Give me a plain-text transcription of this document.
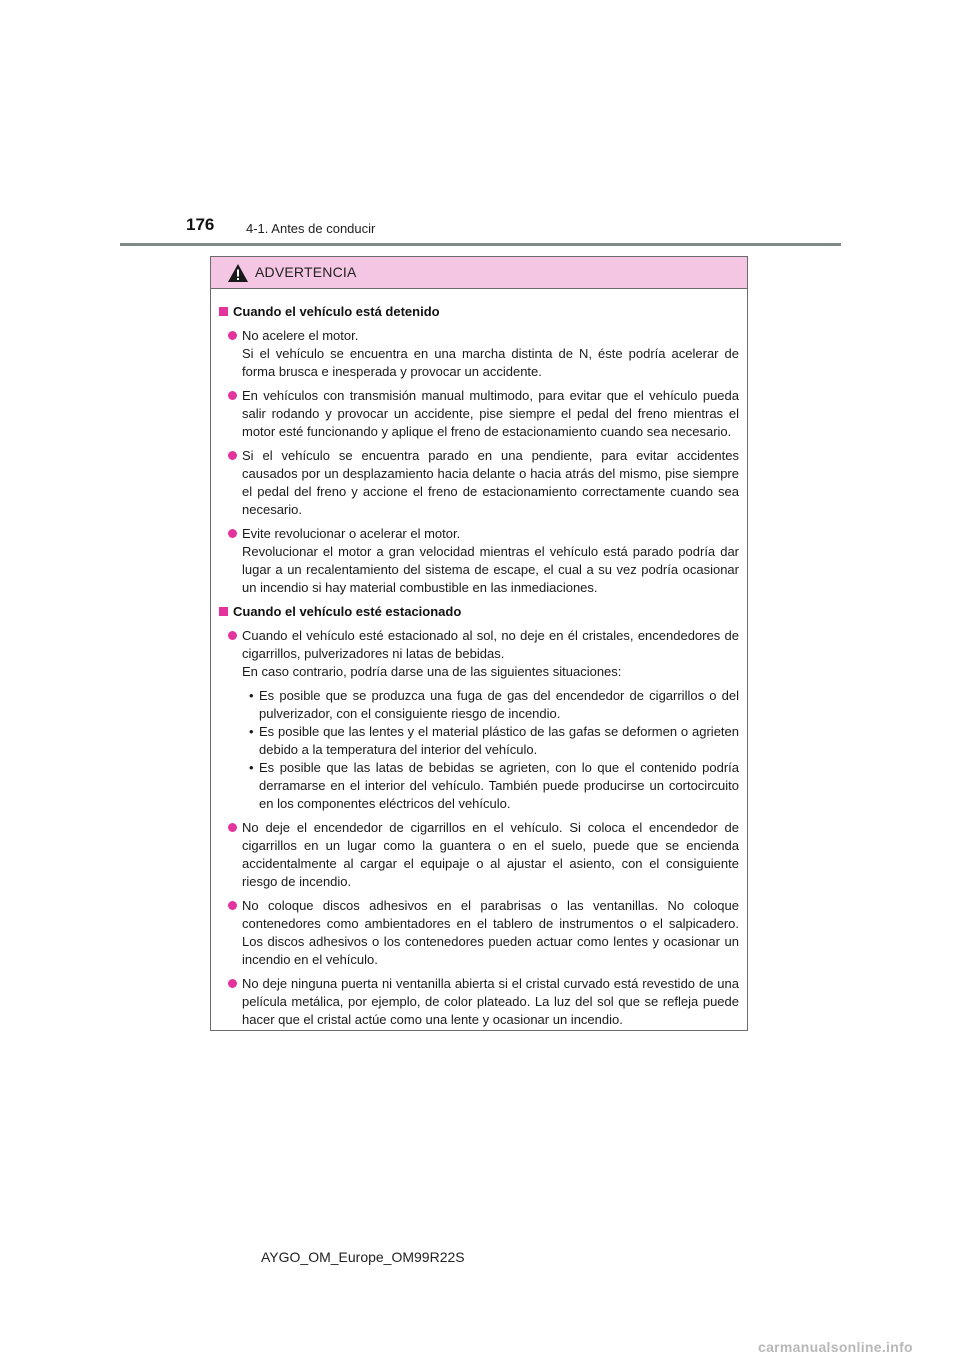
176 4-1. Antes de conducir
ADVERTENCIA
Cuando el vehículo está detenido
No acelere el motor.
Si el vehículo se encuentra en una marcha distinta de N, éste podría acelerar de forma brusca e inesperada y provocar un accidente.
En vehículos con transmisión manual multimodo, para evitar que el vehículo pueda salir rodando y provocar un accidente, pise siempre el pedal del freno mientras el motor esté funcionando y aplique el freno de estacionamiento cuando sea necesario.
Si el vehículo se encuentra parado en una pendiente, para evitar accidentes causados por un desplazamiento hacia delante o hacia atrás del mismo, pise siempre el pedal del freno y accione el freno de estacionamiento correctamente cuando sea necesario.
Evite revolucionar o acelerar el motor.
Revolucionar el motor a gran velocidad mientras el vehículo está parado podría dar lugar a un recalentamiento del sistema de escape, el cual a su vez podría ocasionar un incendio si hay material combustible en las inmediaciones.
Cuando el vehículo esté estacionado
Cuando el vehículo esté estacionado al sol, no deje en él cristales, encendedores de cigarrillos, pulverizadores ni latas de bebidas.
En caso contrario, podría darse una de las siguientes situaciones:
• Es posible que se produzca una fuga de gas del encendedor de cigarrillos o del pulverizador, con el consiguiente riesgo de incendio.
• Es posible que las lentes y el material plástico de las gafas se deformen o agrieten debido a la temperatura del interior del vehículo.
• Es posible que las latas de bebidas se agrieten, con lo que el contenido podría derramarse en el interior del vehículo. También puede producirse un cortocircuito en los componentes eléctricos del vehículo.
No deje el encendedor de cigarrillos en el vehículo. Si coloca el encendedor de cigarrillos en un lugar como la guantera o en el suelo, puede que se encienda accidentalmente al cargar el equipaje o al ajustar el asiento, con el consiguiente riesgo de incendio.
No coloque discos adhesivos en el parabrisas o las ventanillas. No coloque contenedores como ambientadores en el tablero de instrumentos o el salpicadero. Los discos adhesivos o los contenedores pueden actuar como lentes y ocasionar un incendio en el vehículo.
No deje ninguna puerta ni ventanilla abierta si el cristal curvado está revestido de una película metálica, por ejemplo, de color plateado. La luz del sol que se refleja puede hacer que el cristal actúe como una lente y ocasionar un incendio.
AYGO_OM_Europe_OM99R22S
carmanualsonline.info
